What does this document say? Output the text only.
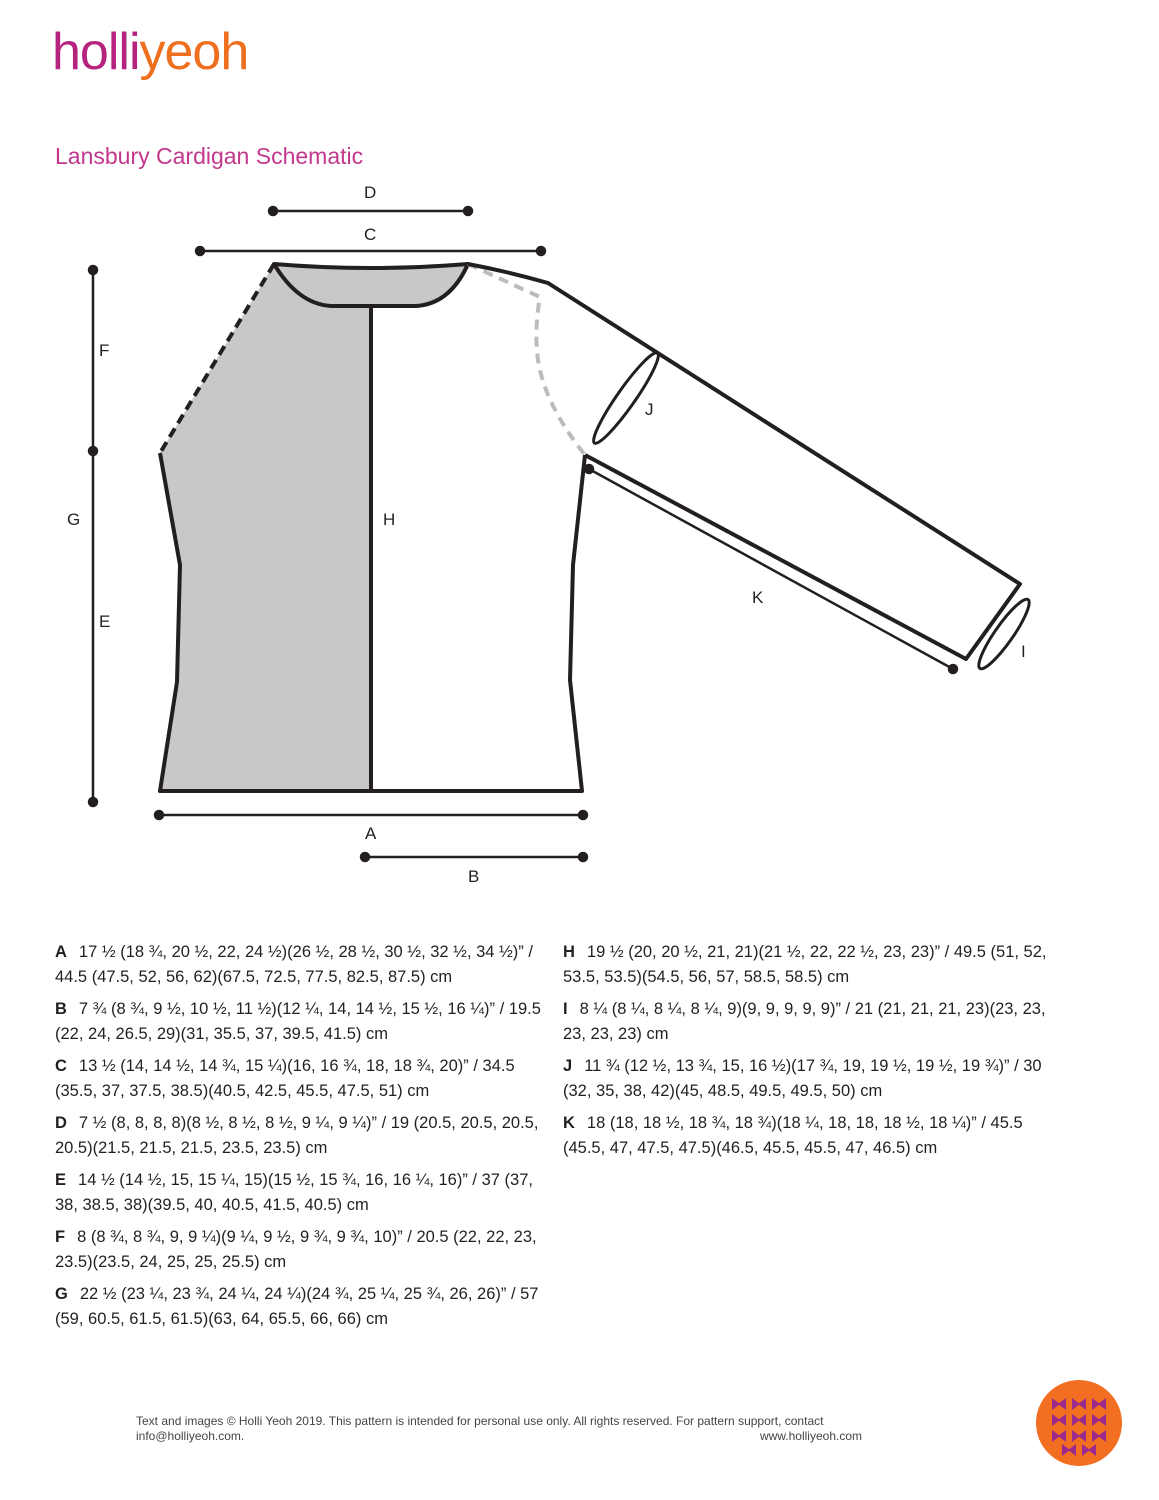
holliyeoh
Lansbury Cardigan Schematic
D
C
F
G
E
H
J
K
I
A
B
A 17 ½ (18 ¾, 20 ½, 22, 24 ½)(26 ½, 28 ½, 30 ½, 32 ½, 34 ½)” / 44.5 (47.5, 52, 56, 62)(67.5, 72.5, 77.5, 82.5, 87.5) cm
B 7 ¾ (8 ¾, 9 ½, 10 ½, 11 ½)(12 ¼, 14, 14 ½, 15 ½, 16 ¼)” / 19.5 (22, 24, 26.5, 29)(31, 35.5, 37, 39.5, 41.5) cm
C 13 ½ (14, 14 ½, 14 ¾, 15 ¼)(16, 16 ¾, 18, 18 ¾, 20)” / 34.5 (35.5, 37, 37.5, 38.5)(40.5, 42.5, 45.5, 47.5, 51) cm
D 7 ½ (8, 8, 8, 8)(8 ½, 8 ½, 8 ½, 9 ¼, 9 ¼)” / 19 (20.5, 20.5, 20.5, 20.5)(21.5, 21.5, 21.5, 23.5, 23.5) cm
E 14 ½ (14 ½, 15, 15 ¼, 15)(15 ½, 15 ¾, 16, 16 ¼, 16)” / 37 (37, 38, 38.5, 38)(39.5, 40, 40.5, 41.5, 40.5) cm
F 8 (8 ¾, 8 ¾, 9, 9 ¼)(9 ¼, 9 ½, 9 ¾, 9 ¾, 10)” / 20.5 (22, 22, 23, 23.5)(23.5, 24, 25, 25, 25.5) cm
G 22 ½ (23 ¼, 23 ¾, 24 ¼, 24 ¼)(24 ¾, 25 ¼, 25 ¾, 26, 26)” / 57 (59, 60.5, 61.5, 61.5)(63, 64, 65.5, 66, 66) cm
H 19 ½ (20, 20 ½, 21, 21)(21 ½, 22, 22 ½, 23, 23)” / 49.5 (51, 52, 53.5, 53.5)(54.5, 56, 57, 58.5, 58.5) cm
I 8 ¼ (8 ¼, 8 ¼, 8 ¼, 9)(9, 9, 9, 9, 9)” / 21 (21, 21, 21, 23)(23, 23, 23, 23, 23) cm
J 11 ¾ (12 ½, 13 ¾, 15, 16 ½)(17 ¾, 19, 19 ½, 19 ½, 19 ¾)” / 30 (32, 35, 38, 42)(45, 48.5, 49.5, 49.5, 50) cm
K 18 (18, 18 ½, 18 ¾, 18 ¾)(18 ¼, 18, 18, 18 ½, 18 ¼)” / 45.5 (45.5, 47, 47.5, 47.5)(46.5, 45.5, 45.5, 47, 46.5) cm
Text and images © Holli Yeoh 2019. This pattern is intended for personal use only. All rights reserved. For pattern support, contact info@holliyeoh.com.	www.holliyeoh.com
